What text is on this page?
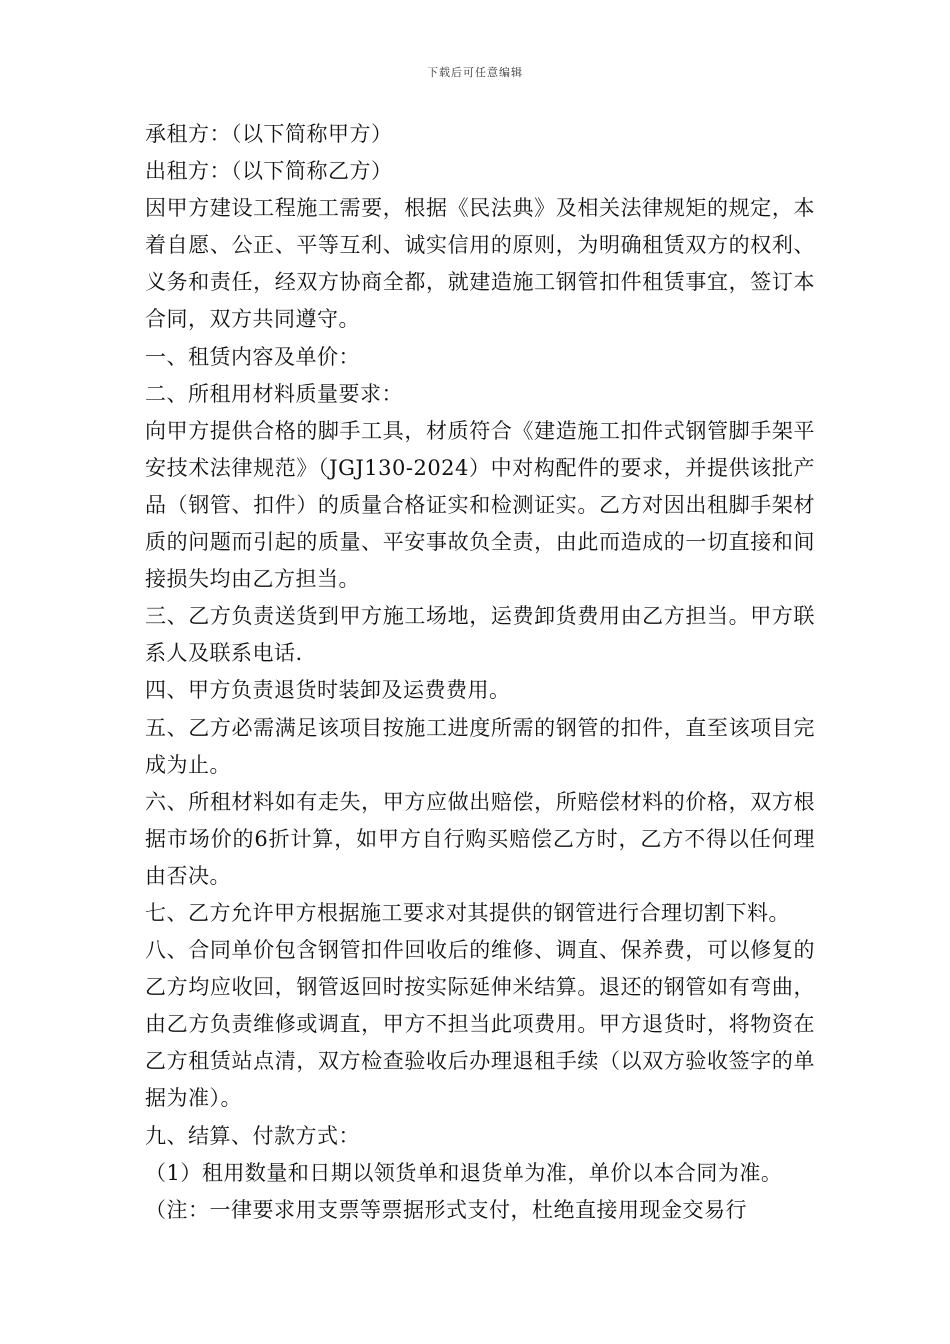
下载后可任意编辑

承租方：（以下简称甲方）

出租方：（以下简称乙方）

因甲方建设工程施工需要，根据《民法典》及相关法律规矩的规定，本着自愿、公正、平等互利、诚实信用的原则，为明确租赁双方的权利、义务和责任，经双方协商全都，就建造施工钢管扣件租赁事宜，签订本合同，双方共同遵守。

一、租赁内容及单价：

二、所租用材料质量要求：

向甲方提供合格的脚手工具，材质符合《建造施工扣件式钢管脚手架平安技术法律规范》（JGJ130-2024）中对构配件的要求，并提供该批产品（钢管、扣件）的质量合格证实和检测证实。乙方对因出租脚手架材质的问题而引起的质量、平安事故负全责，由此而造成的一切直接和间接损失均由乙方担当。

三、乙方负责送货到甲方施工场地，运费卸货费用由乙方担当。甲方联系人及联系电话.

四、甲方负责退货时装卸及运费费用。

五、乙方必需满足该项目按施工进度所需的钢管的扣件，直至该项目完成为止。

六、所租材料如有走失，甲方应做出赔偿，所赔偿材料的价格，双方根据市场价的6折计算，如甲方自行购买赔偿乙方时，乙方不得以任何理由否决。

七、乙方允许甲方根据施工要求对其提供的钢管进行合理切割下料。

八、合同单价包含钢管扣件回收后的维修、调直、保养费，可以修复的乙方均应收回，钢管返回时按实际延伸米结算。退还的钢管如有弯曲，由乙方负责维修或调直，甲方不担当此项费用。甲方退货时，将物资在乙方租赁站点清，双方检查验收后办理退租手续（以双方验收签字的单据为准）。

九、结算、付款方式：

（1）租用数量和日期以领货单和退货单为准，单价以本合同为准。

（注：一律要求用支票等票据形式支付，杜绝直接用现金交易行
